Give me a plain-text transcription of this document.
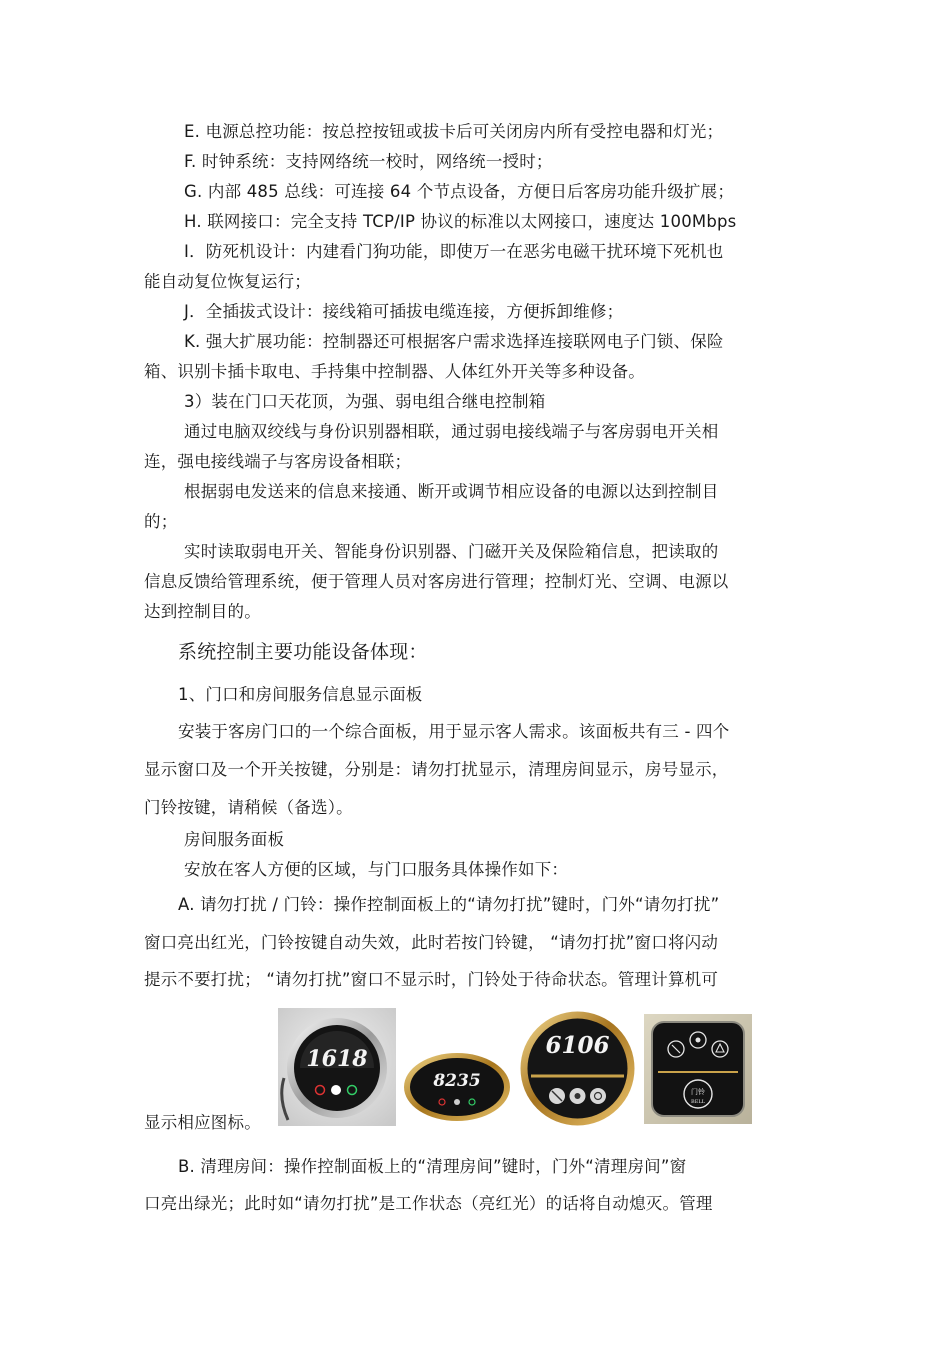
E. 电源总控功能：按总控按钮或拔卡后可关闭房内所有受控电器和灯光；
F. 时钟系统：支持网络统一校时，网络统一授时；
G. 内部 485 总线：可连接 64 个节点设备，方便日后客房功能升级扩展；
H. 联网接口：完全支持 TCP/IP 协议的标准以太网接口，速度达 100Mbps
I．防死机设计：内建看门狗功能，即使万一在恶劣电磁干扰环境下死机也
能自动复位恢复运行；
J．全插拔式设计：接线箱可插拔电缆连接，方便拆卸维修；
K. 强大扩展功能：控制器还可根据客户需求选择连接联网电子门锁、保险
箱、识别卡插卡取电、手持集中控制器、人体红外开关等多种设备。
3）装在门口天花顶，为强、弱电组合继电控制箱
通过电脑双绞线与身份识别器相联，通过弱电接线端子与客房弱电开关相
连，强电接线端子与客房设备相联；
根据弱电发送来的信息来接通、断开或调节相应设备的电源以达到控制目
的；
实时读取弱电开关、智能身份识别器、门磁开关及保险箱信息，把读取的
信息反馈给管理系统，便于管理人员对客房进行管理；控制灯光、空调、电源以
达到控制目的。
系统控制主要功能设备体现：
1、门口和房间服务信息显示面板
安装于客房门口的一个综合面板，用于显示客人需求。该面板共有三 - 四个
显示窗口及一个开关按键，分别是：请勿打扰显示，清理房间显示，房号显示，
门铃按键，请稍候（备选）。
房间服务面板
安放在客人方便的区域，与门口服务具体操作如下：
A. 请勿打扰 / 门铃：操作控制面板上的“请勿打扰”键时，门外“请勿打扰”
窗口亮出红光，门铃按键自动失效，此时若按门铃键， “请勿打扰”窗口将闪动
提示不要打扰； “请勿打扰”窗口不显示时，门铃处于待命状态。管理计算机可
显示相应图标。
B. 清理房间：操作控制面板上的“清理房间”键时，门外“清理房间”窗
口亮出绿光；此时如“请勿打扰”是工作状态（亮红光）的话将自动熄灭。管理
1618
8235
6106
门铃
BELL
